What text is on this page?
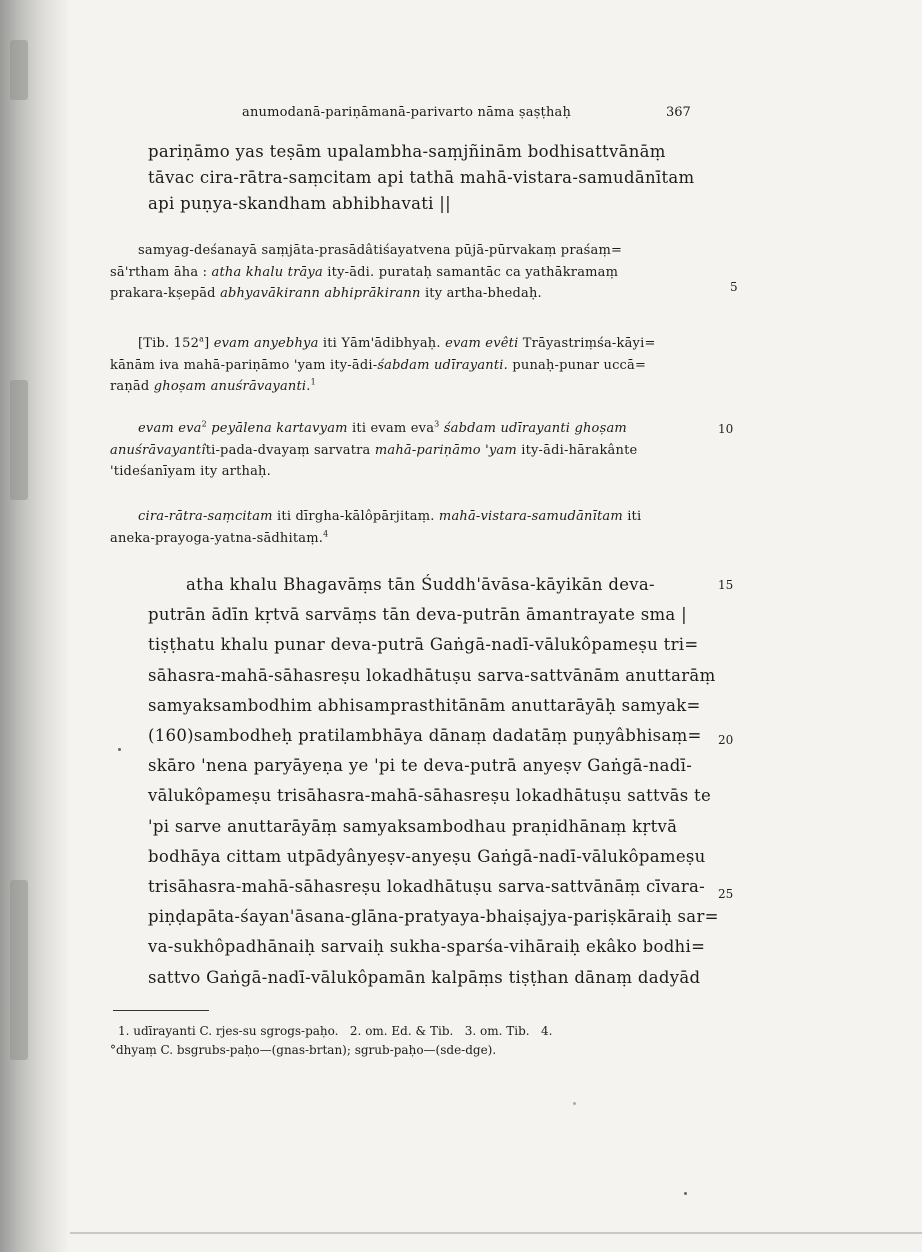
anumodanā-pariṇāmanā-parivarto nāma ṣaṣṭhaḥ	367
pariṇāmo yas teṣām upalambha-saṃjñinām bodhisattvānāṃ
tāvac cira-rātra-saṃcitam api tathā mahā-vistara-samudānītam
api puṇya-skandham abhibhavati ||
samyag-deśanayā saṃjāta-prasādâtiśayatvena pūjā-pūrvakaṃ praśaṃ=
sā'rtham āha : atha khalu trāya ity-ādi. purataḥ samantāc ca yathākramaṃ
prakara-kṣepād abhyavākirann abhiprākirann ity artha-bhedaḥ.
[Tib. 152$^a$] evam anyebhya iti Yām'ādibhyaḥ. evam evêti Trāyastriṃśa-kāyi=
kānām iva mahā-pariṇāmo 'yam ity-ādi-śabdam udīrayanti. punaḥ-punar uccā=
raṇād ghoṣam anuśrāvayanti.$^1$
evam eva$^2$ peyālena kartavyam iti evam eva$^3$ śabdam udīrayanti ghoṣam
anuśrāvayantîti-pada-dvayaṃ sarvatra mahā-pariṇāmo 'yam ity-ādi-hārakânte
'tideśanīyam ity arthaḥ.
cira-rātra-saṃcitam iti dīrgha-kālôpārjitaṃ. mahā-vistara-samudānītam iti
aneka-prayoga-yatna-sādhitaṃ.$^4$
atha khalu Bhagavāṃs tān Śuddh'āvāsa-kāyikān deva-
putrān ādīn kṛtvā sarvāṃs tān deva-putrān āmantrayate sma |
tiṣṭhatu khalu punar deva-putrā Gaṅgā-nadī-vālukôpameṣu tri=
sāhasra-mahā-sāhasreṣu lokadhātuṣu sarva-sattvānām anuttarāṃ
samyaksambodhim abhisamprasthitānām anuttarāyāḥ samyak=
(160)sambodheḥ pratilambhāya dānaṃ dadatāṃ puṇyâbhisaṃ=
skāro 'nena paryāyeṇa ye 'pi te deva-putrā anyeṣv Gaṅgā-nadī-
vālukôpameṣu trisāhasra-mahā-sāhasreṣu lokadhātuṣu sattvās te
'pi sarve anuttarāyāṃ samyaksambodhau praṇidhānaṃ kṛtvā
bodhāya cittam utpādyânyeṣv-anyeṣu Gaṅgā-nadī-vālukôpameṣu
trisāhasra-mahā-sāhasreṣu lokadhātuṣu sarva-sattvānāṃ cīvara-
piṇḍapāta-śayan'āsana-glāna-pratyaya-bhaiṣajya-pariṣkāraiḥ sar=
va-sukhôpadhānaiḥ sarvaiḥ sukha-sparśa-vihāraiḥ ekâko bodhi=
sattvo Gaṅgā-nadī-vālukôpamān kalpāṃs tiṣṭhan dānaṃ dadyād
5
10
15
20
25
1. udīrayanti C. rjes-su sgrogs-paḥo.   2. om. Ed. & Tib.   3. om. Tib.   4.
°dhyaṃ C. bsgrubs-paḥo—(gnas-brtan); sgrub-paḥo—(sde-dge).
